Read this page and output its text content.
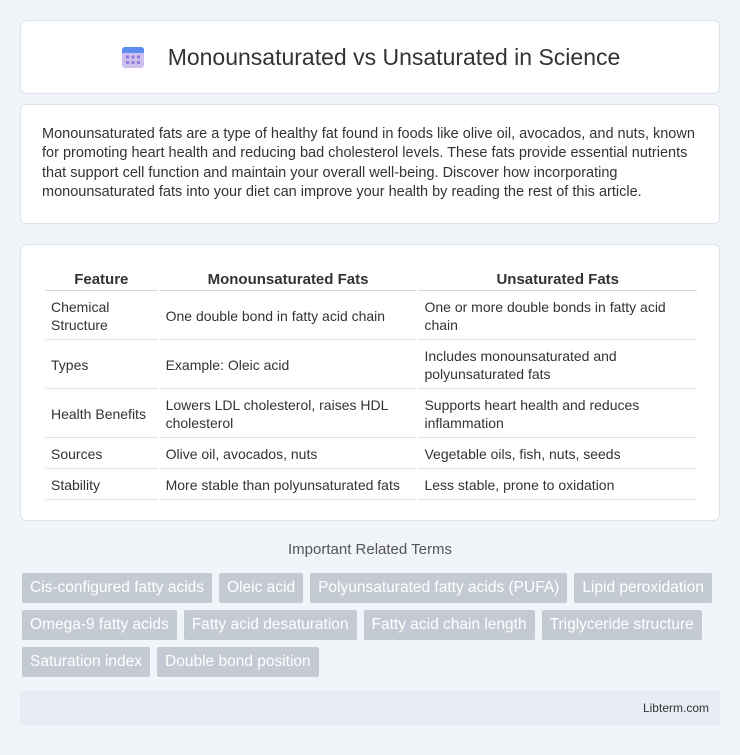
Monounsaturated vs Unsaturated in Science

Monounsaturated fats are a type of healthy fat found in foods like olive oil, avocados, and nuts, known for promoting heart health and reducing bad cholesterol levels. These fats provide essential nutrients that support cell function and maintain your overall well-being. Discover how incorporating monounsaturated fats into your diet can improve your health by reading the rest of this article.

Feature	Monounsaturated Fats	Unsaturated Fats
Chemical Structure	One double bond in fatty acid chain	One or more double bonds in fatty acid chain
Types	Example: Oleic acid	Includes monounsaturated and polyunsaturated fats
Health Benefits	Lowers LDL cholesterol, raises HDL cholesterol	Supports heart health and reduces inflammation
Sources	Olive oil, avocados, nuts	Vegetable oils, fish, nuts, seeds
Stability	More stable than polyunsaturated fats	Less stable, prone to oxidation
Important Related Terms
Cis-configured fatty acids	Oleic acid	Polyunsaturated fatty acids (PUFA)	Lipid peroxidation
Omega-9 fatty acids	Fatty acid desaturation	Fatty acid chain length	Triglyceride structure
Saturation index	Double bond position
Libterm.com
